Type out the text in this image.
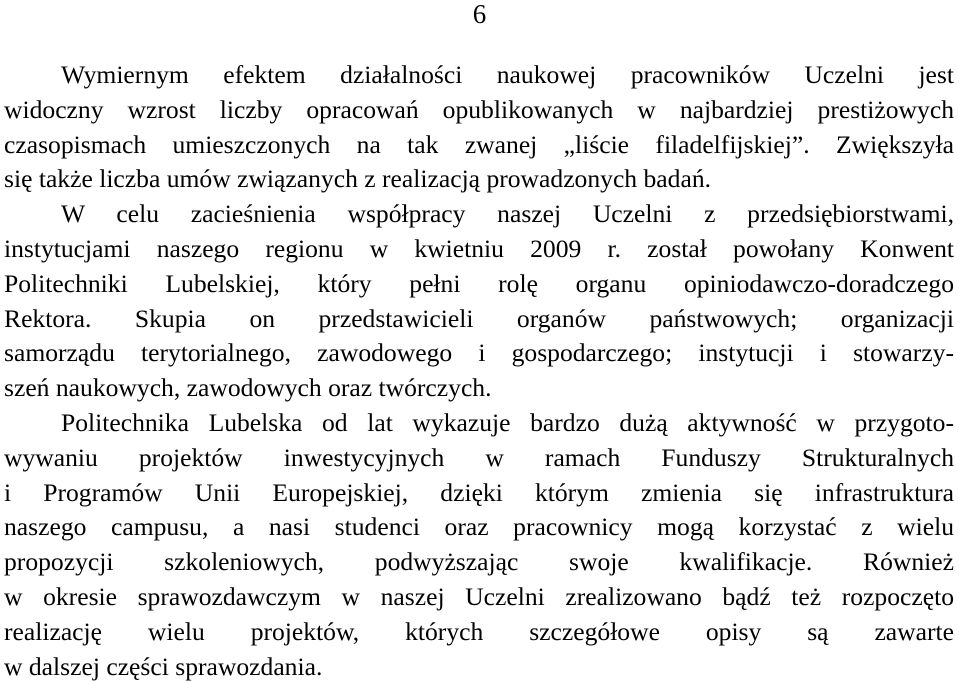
6
Wymiernym efektem działalności naukowej pracowników Uczelni jest
widoczny wzrost liczby opracowań opublikowanych w najbardziej prestiżowych
czasopismach umieszczonych na tak zwanej „liście filadelfijskiej”. Zwiększyła
się także liczba umów związanych z realizacją prowadzonych badań.
W celu zacieśnienia współpracy naszej Uczelni z przedsiębiorstwami,
instytucjami naszego regionu w kwietniu 2009 r. został powołany Konwent
Politechniki Lubelskiej, który pełni rolę organu opiniodawczo-doradczego
Rektora. Skupia on przedstawicieli organów państwowych; organizacji
samorządu terytorialnego, zawodowego i gospodarczego; instytucji i stowarzy-
szeń naukowych, zawodowych oraz twórczych.
Politechnika Lubelska od lat wykazuje bardzo dużą aktywność w przygoto-
wywaniu projektów inwestycyjnych w ramach Funduszy Strukturalnych
i Programów Unii Europejskiej, dzięki którym zmienia się infrastruktura
naszego campusu, a nasi studenci oraz pracownicy mogą korzystać z wielu
propozycji szkoleniowych, podwyższając swoje kwalifikacje. Również
w okresie sprawozdawczym w naszej Uczelni zrealizowano bądź też rozpoczęto
realizację wielu projektów, których szczegółowe opisy są zawarte
w dalszej części sprawozdania.
